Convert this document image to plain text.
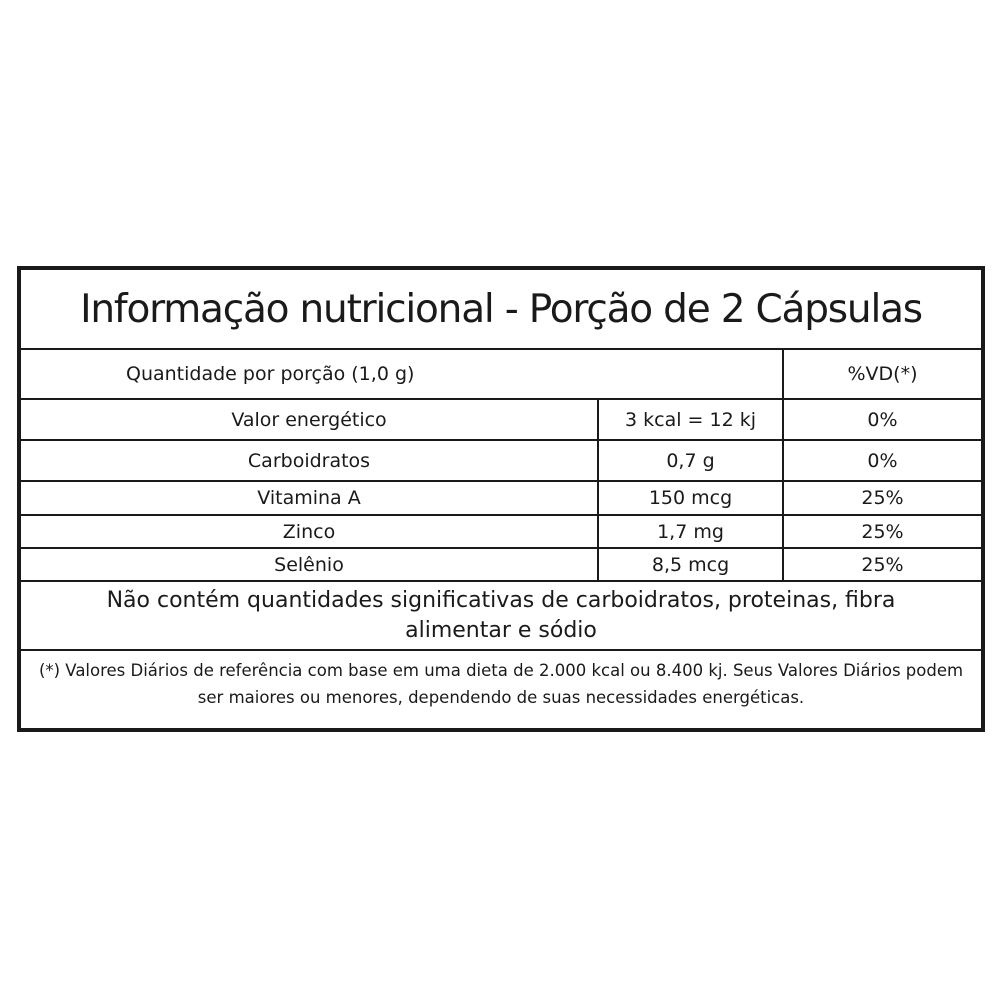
Informação nutricional - Porção de 2 Cápsulas
Quantidade por porção (1,0 g)	%VD(*)
Valor energético	3 kcal = 12 kj	0%
Carboidratos	0,7 g	0%
Vitamina A	150 mcg	25%
Zinco	1,7 mg	25%
Selênio	8,5 mcg	25%
Não contém quantidades significativas de carboidratos, proteinas, fibra alimentar e sódio
(*) Valores Diários de referência com base em uma dieta de 2.000 kcal ou 8.400 kj. Seus Valores Diários podem ser maiores ou menores, dependendo de suas necessidades energéticas.
